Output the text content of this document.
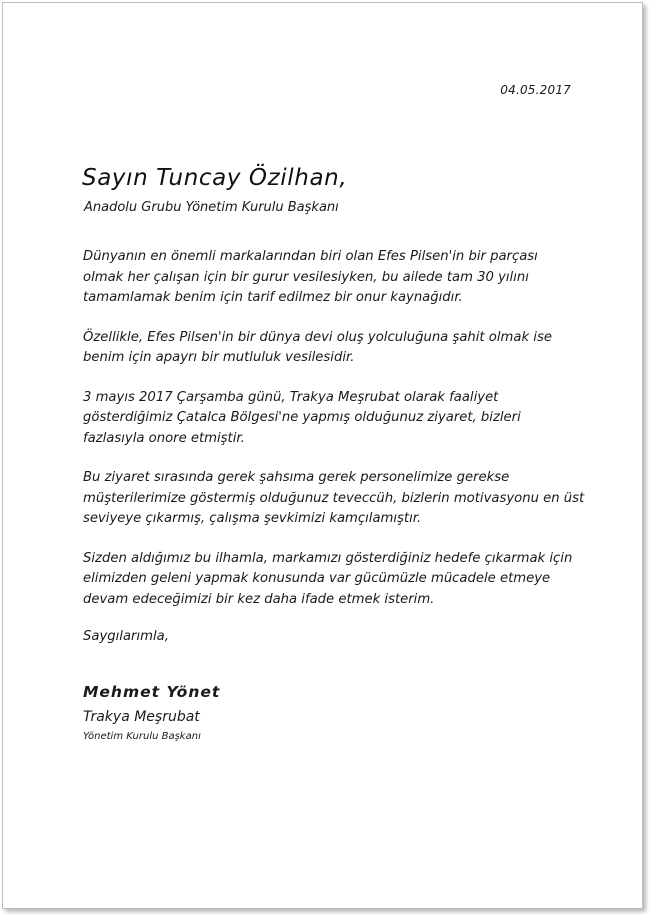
04.05.2017
Sayın Tuncay Özilhan,
Anadolu Grubu Yönetim Kurulu Başkanı

Dünyanın en önemli markalarından biri olan Efes Pilsen'in bir parçası
olmak her çalışan için bir gurur vesilesiyken, bu ailede tam 30 yılını
tamamlamak benim için tarif edilmez bir onur kaynağıdır.

Özellikle, Efes Pilsen'in bir dünya devi oluş yolculuğuna şahit olmak ise
benim için apayrı bir mutluluk vesilesidir.

3 mayıs 2017 Çarşamba günü, Trakya Meşrubat olarak faaliyet
gösterdiğimiz Çatalca Bölgesi'ne yapmış olduğunuz ziyaret, bizleri
fazlasıyla onore etmiştir.

Bu ziyaret sırasında gerek şahsıma gerek personelimize gerekse
müşterilerimize göstermiş olduğunuz teveccüh, bizlerin motivasyonu en üst
seviyeye çıkarmış, çalışma şevkimizi kamçılamıştır.

Sizden aldığımız bu ilhamla, markamızı gösterdiğiniz hedefe çıkarmak için
elimizden geleni yapmak konusunda var gücümüzle mücadele etmeye
devam edeceğimizi bir kez daha ifade etmek isterim.

Saygılarımla,
Mehmet Yönet
Trakya Meşrubat
Yönetim Kurulu Başkanı
